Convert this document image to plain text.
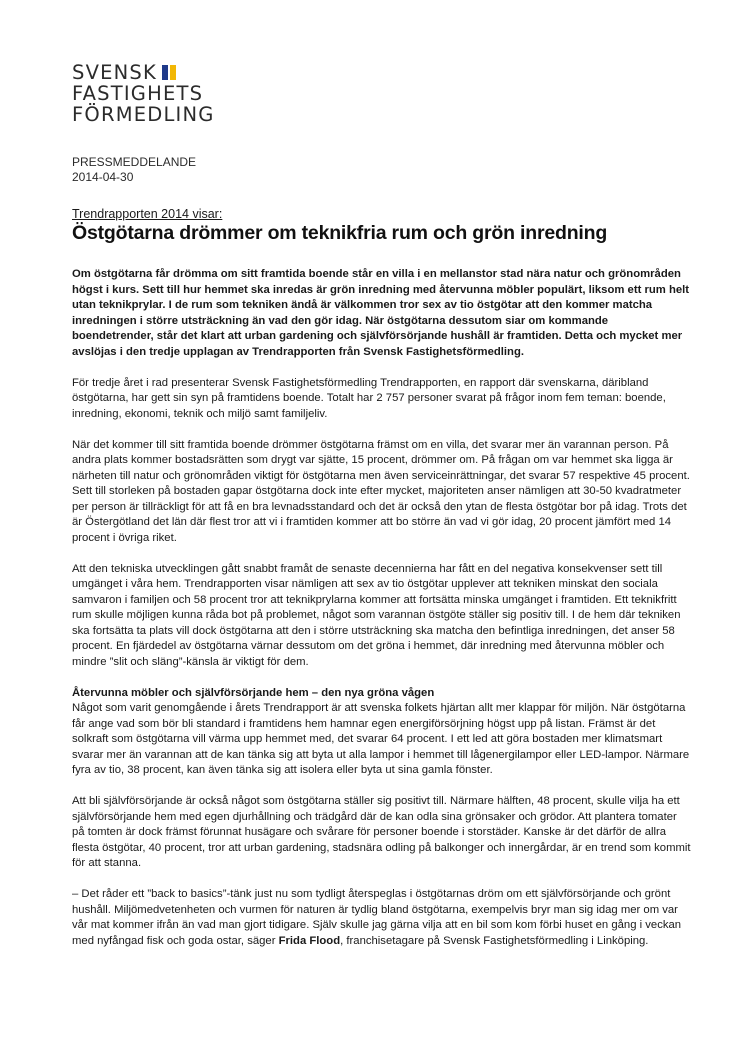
SVENSK
FASTIGHETS
FÖRMEDLING
PRESSMEDDELANDE
2014-04-30
Trendrapporten 2014 visar:
Östgötarna drömmer om teknikfria rum och grön inredning

Om östgötarna får drömma om sitt framtida boende står en villa i en mellanstor stad nära natur och grönområden högst i kurs. Sett till hur hemmet ska inredas är grön inredning med återvunna möbler populärt, liksom ett rum helt utan teknikprylar. I de rum som tekniken ändå är välkommen tror sex av tio östgötar att den kommer matcha inredningen i större utsträckning än vad den gör idag. När östgötarna dessutom siar om kommande boendetrender, står det klart att urban gardening och självförsörjande hushåll är framtiden. Detta och mycket mer avslöjas i den tredje upplagan av Trendrapporten från Svensk Fastighetsförmedling.

För tredje året i rad presenterar Svensk Fastighetsförmedling Trendrapporten, en rapport där svenskarna, däribland östgötarna, har gett sin syn på framtidens boende. Totalt har 2 757 personer svarat på frågor inom fem teman: boende, inredning, ekonomi, teknik och miljö samt familjeliv.

När det kommer till sitt framtida boende drömmer östgötarna främst om en villa, det svarar mer än varannan person. På andra plats kommer bostadsrätten som drygt var sjätte, 15 procent, drömmer om. På frågan om var hemmet ska ligga är närheten till natur och grönområden viktigt för östgötarna men även serviceinrättningar, det svarar 57 respektive 45 procent. Sett till storleken på bostaden gapar östgötarna dock inte efter mycket, majoriteten anser nämligen att 30-50 kvadratmeter per person är tillräckligt för att få en bra levnadsstandard och det är också den ytan de flesta östgötar bor på idag. Trots det är Östergötland det län där flest tror att vi i framtiden kommer att bo större än vad vi gör idag, 20 procent jämfört med 14 procent i övriga riket.

Att den tekniska utvecklingen gått snabbt framåt de senaste decennierna har fått en del negativa konsekvenser sett till umgänget i våra hem. Trendrapporten visar nämligen att sex av tio östgötar upplever att tekniken minskat den sociala samvaron i familjen och 58 procent tror att teknikprylarna kommer att fortsätta minska umgänget i framtiden. Ett teknikfritt rum skulle möjligen kunna råda bot på problemet, något som varannan östgöte ställer sig positiv till. I de hem där tekniken ska fortsätta ta plats vill dock östgötarna att den i större utsträckning ska matcha den befintliga inredningen, det anser 58 procent. En fjärdedel av östgötarna värnar dessutom om det gröna i hemmet, där inredning med återvunna möbler och mindre ”slit och släng”-känsla är viktigt för dem.

Återvunna möbler och självförsörjande hem – den nya gröna vågen
Något som varit genomgående i årets Trendrapport är att svenska folkets hjärtan allt mer klappar för miljön. När östgötarna får ange vad som bör bli standard i framtidens hem hamnar egen energiförsörjning högst upp på listan. Främst är det solkraft som östgötarna vill värma upp hemmet med, det svarar 64 procent. I ett led att göra bostaden mer klimatsmart svarar mer än varannan att de kan tänka sig att byta ut alla lampor i hemmet till lågenergilampor eller LED-lampor. Närmare fyra av tio, 38 procent, kan även tänka sig att isolera eller byta ut sina gamla fönster.

Att bli självförsörjande är också något som östgötarna ställer sig positivt till. Närmare hälften, 48 procent, skulle vilja ha ett självförsörjande hem med egen djurhållning och trädgård där de kan odla sina grönsaker och grödor. Att plantera tomater på tomten är dock främst förunnat husägare och svårare för personer boende i storstäder. Kanske är det därför de allra flesta östgötar, 40 procent, tror att urban gardening, stadsnära odling på balkonger och innergårdar, är en trend som kommit för att stanna.

– Det råder ett ”back to basics”-tänk just nu som tydligt återspeglas i östgötarnas dröm om ett självförsörjande och grönt hushåll. Miljömedvetenheten och vurmen för naturen är tydlig bland östgötarna, exempelvis bryr man sig idag mer om var vår mat kommer ifrån än vad man gjort tidigare. Själv skulle jag gärna vilja att en bil som kom förbi huset en gång i veckan med nyfångad fisk och goda ostar, säger Frida Flood, franchisetagare på Svensk Fastighetsförmedling i Linköping.
